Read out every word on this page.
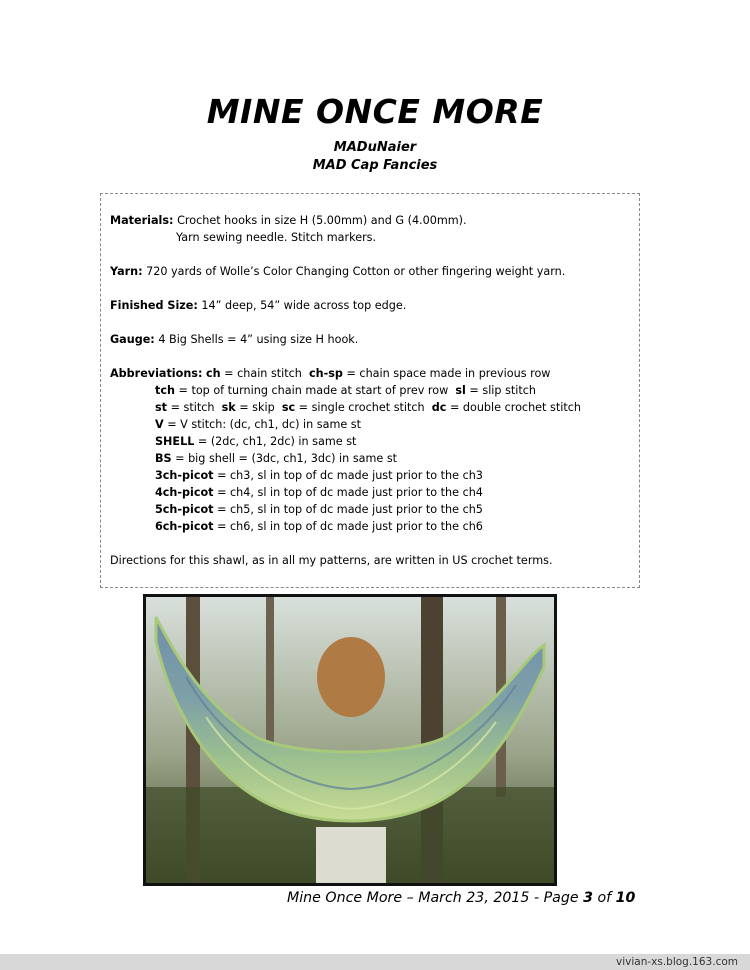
MINE ONCE MORE
MADuNaier
MAD Cap Fancies

Materials: Crochet hooks in size H (5.00mm) and G (4.00mm).

Yarn sewing needle. Stitch markers.

Yarn: 720 yards of Wolle’s Color Changing Cotton or other fingering weight yarn.

Finished Size: 14” deep, 54” wide across top edge.

Gauge: 4 Big Shells = 4” using size H hook.

Abbreviations: ch = chain stitch  ch-sp = chain space made in previous row

tch = top of turning chain made at start of prev row  sl = slip stitch

st = stitch  sk = skip  sc = single crochet stitch  dc = double crochet stitch

V = V stitch: (dc, ch1, dc) in same st

SHELL = (2dc, ch1, 2dc) in same st

BS = big shell = (3dc, ch1, 3dc) in same st

3ch-picot = ch3, sl in top of dc made just prior to the ch3

4ch-picot = ch4, sl in top of dc made just prior to the ch4

5ch-picot = ch5, sl in top of dc made just prior to the ch5

6ch-picot = ch6, sl in top of dc made just prior to the ch6

Directions for this shawl, as in all my patterns, are written in US crochet terms.

Mine Once More – March 23, 2015 - Page 3 of 10
vivian-xs.blog.163.com
